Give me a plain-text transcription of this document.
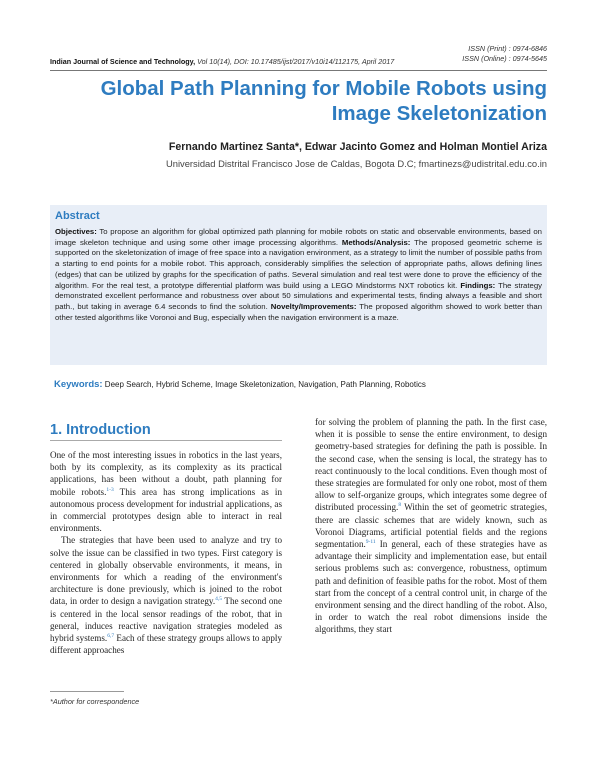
ISSN (Print) : 0974-6846
ISSN (Online) : 0974-5645
Indian Journal of Science and Technology, Vol 10(14), DOI: 10.17485/ijst/2017/v10i14/112175, April 2017
Global Path Planning for Mobile Robots using Image Skeletonization
Fernando Martinez Santa*, Edwar Jacinto Gomez and Holman Montiel Ariza
Universidad Distrital Francisco Jose de Caldas, Bogota D.C; fmartinezs@udistrital.edu.co.in
Abstract
Objectives: To propose an algorithm for global optimized path planning for mobile robots on static and observable environments, based on image skeleton technique and using some other image processing algorithms. Methods/Analysis: The proposed geometric scheme is supported on the skeletonization of image of free space into a navigation environment, as a strategy to limit the number of possible paths from a starting to end points for a mobile robot. This approach, considerably simplifies the selection of appropriate paths, allows defining lines (edges) that can be utilized by graphs for the specification of paths. Several simulation and real test were done to prove the efficiency of the algorithm. For the real test, a prototype differential platform was build using a LEGO Mindstorms NXT robotics kit. Findings: The strategy demonstrated excellent performance and robustness over about 50 simulations and experimental tests, finding always a feasible and short path., but taking in average 6.4 seconds to find the solution. Novelty/Improvements: The proposed algorithm showed to work better than other tested algorithms like Voronoi and Bug, especially when the navigation environment is a maze.
Keywords: Deep Search, Hybrid Scheme, Image Skeletonization, Navigation, Path Planning, Robotics
1. Introduction

One of the most interesting issues in robotics in the last years, both by its complexity, as its complexity as its practical applications, has been without a doubt, path planning for mobile robots.$^{1-3}$ This area has strong implications as in autonomous process development for industrial applications, as in commercial prototypes design able to interact in real environments.

The strategies that have been used to analyze and try to solve the issue can be classified in two types. First category is centered in globally observable environments, it means, in environments for which a reading of the environment's architecture is done previously, which is joined to the robot data, in order to design a navigation strategy.$^{4,5}$ The second one is centered in the local sensor readings of the robot, that in general, induces reactive navigation strategies modeled as hybrid systems.$^{6,7}$ Each of these strategy groups allows to apply different approaches

for solving the problem of planning the path. In the first case, when it is possible to sense the entire environment, to design geometry-based strategies for defining the path is possible. In the second case, when the sensing is local, the strategy has to react continuously to the local conditions. Even though most of these strategies are formulated for only one robot, most of them allow to self-organize groups, which integrates some degree of distributed processing.$^8$ Within the set of geometric strategies, there are classic schemes that are widely known, such as Voronoi Diagrams, artificial potential fields and the regions segmentation.$^{9-11}$ In general, each of these strategies have as advantage their simplicity and implementation ease, but entail serious problems such as: convergence, robustness, optimum path and definition of feasible paths for the robot. Most of them start from the concept of a central control unit, in charge of the environment sensing and the direct handling of the robot. Also, in order to watch the real robot dimensions inside the algorithms, they start

*Author for correspondence
